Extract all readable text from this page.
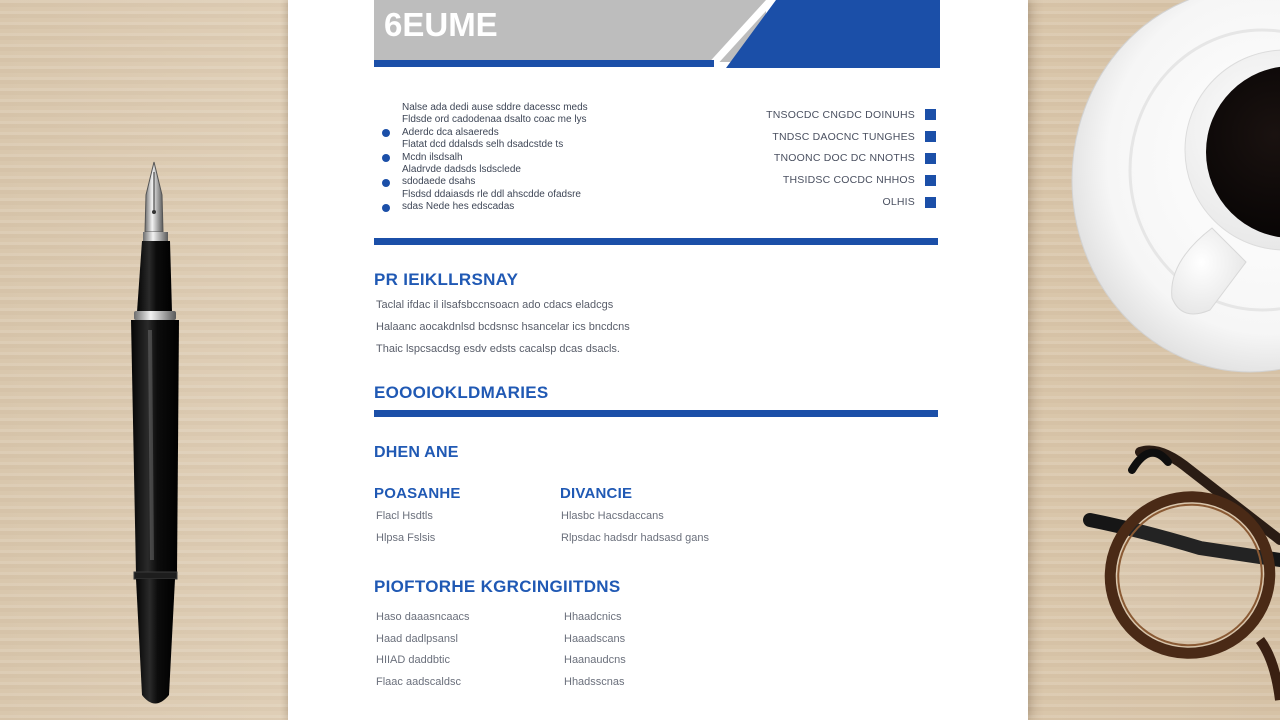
6EUME
Nalse ada dedi ause sddre dacessc meds
Fldsde ord cadodenaa dsalto coac me lys
Aderdc dca alsaereds
Flatat dcd ddalsds selh dsadcstde ts
Mcdn ilsdsalh
Aladrvde dadsds lsdsclede
sdodaede dsahs
Flsdsd ddaiasds rle ddl ahscdde ofadsre
sdas Nede hes edscadas
TNSOCDC CNGDC DOINUHS
TNDSC DAOCNC TUNGHES
TNOONC DOC DC NNOTHS
THSIDSC COCDC NHHOS
OLHIS
PR IEIKLLRSNAY
Taclal ifdac il ilsafsbccnsoacn ado cdacs eladcgs
Halaanc aocakdnlsd bcdsnsc hsancelar ics bncdcns
Thaic lspcsacdsg esdv edsts cacalsp dcas dsacls.
EOOOIOKLDMARIES
DHEN ANE
POASANHE
Flacl Hsdtls
Hlpsa Fslsis
DIVANCIE
Hlasbc Hacsdaccans
Rlpsdac hadsdr hadsasd gans
PIOFTORHE KGRCINGIITDNS
Haso daaasncaacs
Haad dadlpsansl
HIIAD daddbtic
Flaac aadscaldsc
Hhaadcnics
Haaadscans
Haanaudcns
Hhadsscnas
